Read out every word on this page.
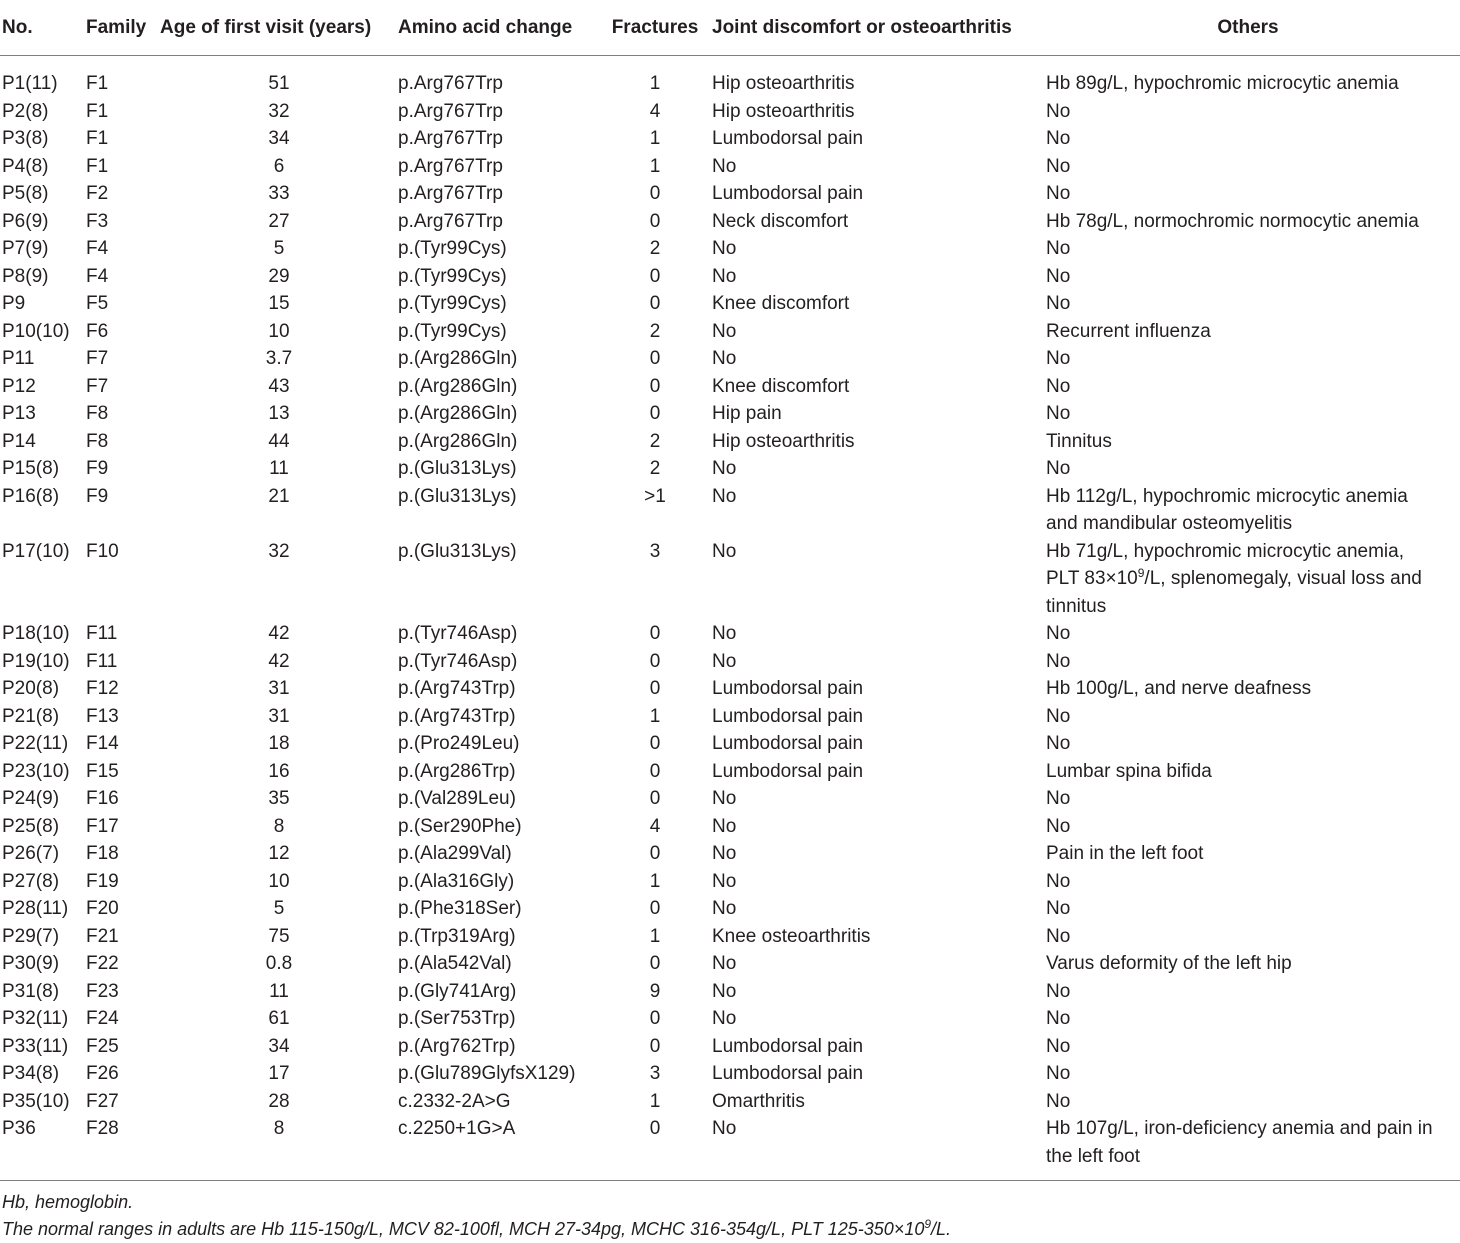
No.	Family	Age of first visit (years)	Amino acid change	Fractures	Joint discomfort or osteoarthritis	Others
P1(11)	F1	51	p.Arg767Trp	1	Hip osteoarthritis	Hb 89g/L, hypochromic microcytic anemia
P2(8)	F1	32	p.Arg767Trp	4	Hip osteoarthritis	No
P3(8)	F1	34	p.Arg767Trp	1	Lumbodorsal pain	No
P4(8)	F1	6	p.Arg767Trp	1	No	No
P5(8)	F2	33	p.Arg767Trp	0	Lumbodorsal pain	No
P6(9)	F3	27	p.Arg767Trp	0	Neck discomfort	Hb 78g/L, normochromic normocytic anemia
P7(9)	F4	5	p.(Tyr99Cys)	2	No	No
P8(9)	F4	29	p.(Tyr99Cys)	0	No	No
P9	F5	15	p.(Tyr99Cys)	0	Knee discomfort	No
P10(10)	F6	10	p.(Tyr99Cys)	2	No	Recurrent influenza
P11	F7	3.7	p.(Arg286Gln)	0	No	No
P12	F7	43	p.(Arg286Gln)	0	Knee discomfort	No
P13	F8	13	p.(Arg286Gln)	0	Hip pain	No
P14	F8	44	p.(Arg286Gln)	2	Hip osteoarthritis	Tinnitus
P15(8)	F9	11	p.(Glu313Lys)	2	No	No
P16(8)	F9	21	p.(Glu313Lys)	>1	No	Hb 112g/L, hypochromic microcytic anemia
and mandibular osteomyelitis

P17(10)	F10	32	p.(Glu313Lys)	3	No	Hb 71g/L, hypochromic microcytic anemia,
PLT $83\times 10^9/L$, splenomegaly, visual loss and
tinnitus

P18(10)	F11	42	p.(Tyr746Asp)	0	No	No
P19(10)	F11	42	p.(Tyr746Asp)	0	No	No
P20(8)	F12	31	p.(Arg743Trp)	0	Lumbodorsal pain	Hb 100g/L, and nerve deafness
P21(8)	F13	31	p.(Arg743Trp)	1	Lumbodorsal pain	No
P22(11)	F14	18	p.(Pro249Leu)	0	Lumbodorsal pain	No
P23(10)	F15	16	p.(Arg286Trp)	0	Lumbodorsal pain	Lumbar spina bifida
P24(9)	F16	35	p.(Val289Leu)	0	No	No
P25(8)	F17	8	p.(Ser290Phe)	4	No	No
P26(7)	F18	12	p.(Ala299Val)	0	No	Pain in the left foot
P27(8)	F19	10	p.(Ala316Gly)	1	No	No
P28(11)	F20	5	p.(Phe318Ser)	0	No	No
P29(7)	F21	75	p.(Trp319Arg)	1	Knee osteoarthritis	No
P30(9)	F22	0.8	p.(Ala542Val)	0	No	Varus deformity of the left hip
P31(8)	F23	11	p.(Gly741Arg)	9	No	No
P32(11)	F24	61	p.(Ser753Trp)	0	No	No
P33(11)	F25	34	p.(Arg762Trp)	0	Lumbodorsal pain	No
P34(8)	F26	17	p.(Glu789GlyfsX129)	3	Lumbodorsal pain	No
P35(10)	F27	28	c.2332-2A>G	1	Omarthritis	No
P36	F28	8	c.2250+1G>A	0	No	Hb 107g/L, iron-deficiency anemia and pain in
the left foot
Hb, hemoglobin.
The normal ranges in adults are Hb 115-150g/L, MCV 82-100fl, MCH 27-34pg, MCHC 316-354g/L, PLT $125-350\times 10^9/L$.
